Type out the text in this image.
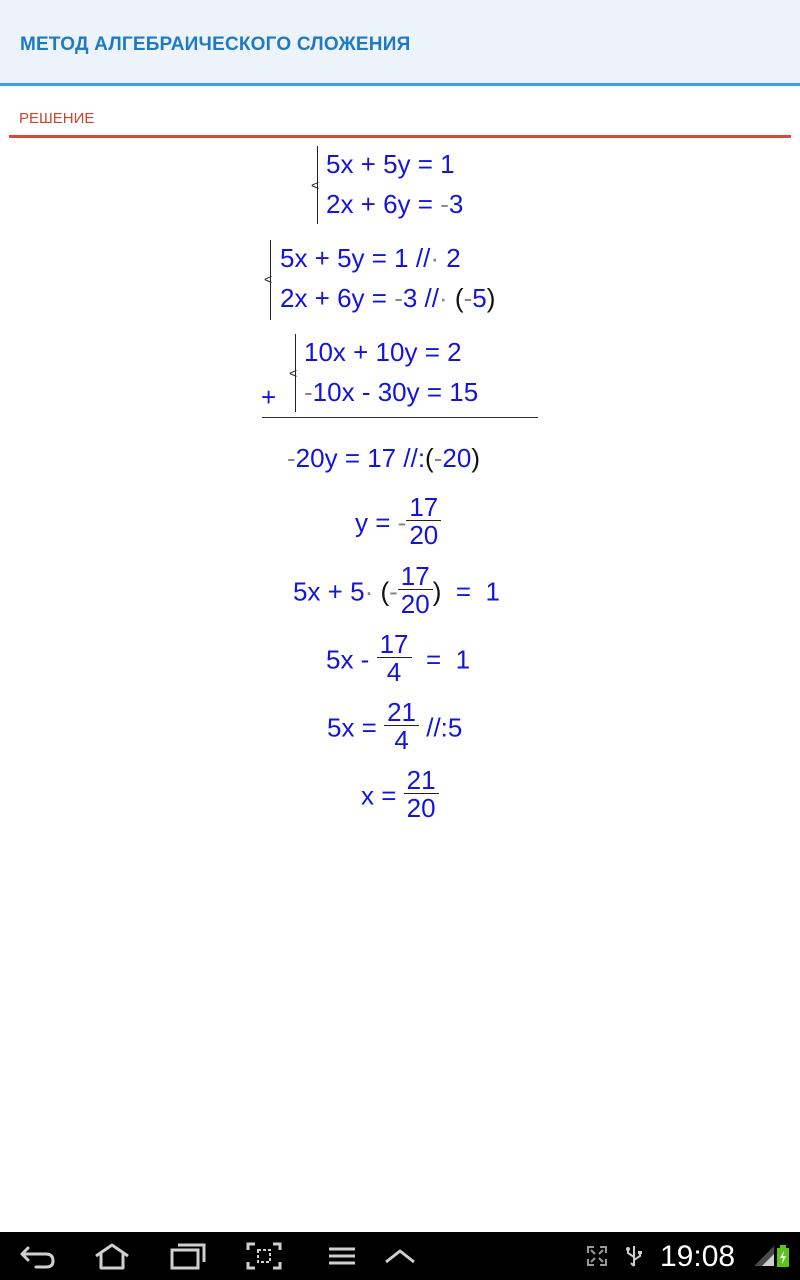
МЕТОД АЛГЕБРАИЧЕСКОГО СЛОЖЕНИЯ
РЕШЕНИЕ
<
5x + 5y = 1
2x + 6y = -3
<
5x + 5y = 1 //· 2
2x + 6y = -3 //· (-5)
<
+
10x + 10y = 2
-10x - 30y = 15
-20y = 17 //:(-20)
y = - $\frac{17}{20}$
5x + 5· (- $\frac{17}{20}$ )  =  1
$5x - \frac{17}{4} = 1$
$5x = \frac{21}{4}$ //:5
$x = \frac{21}{20}$
19:08
